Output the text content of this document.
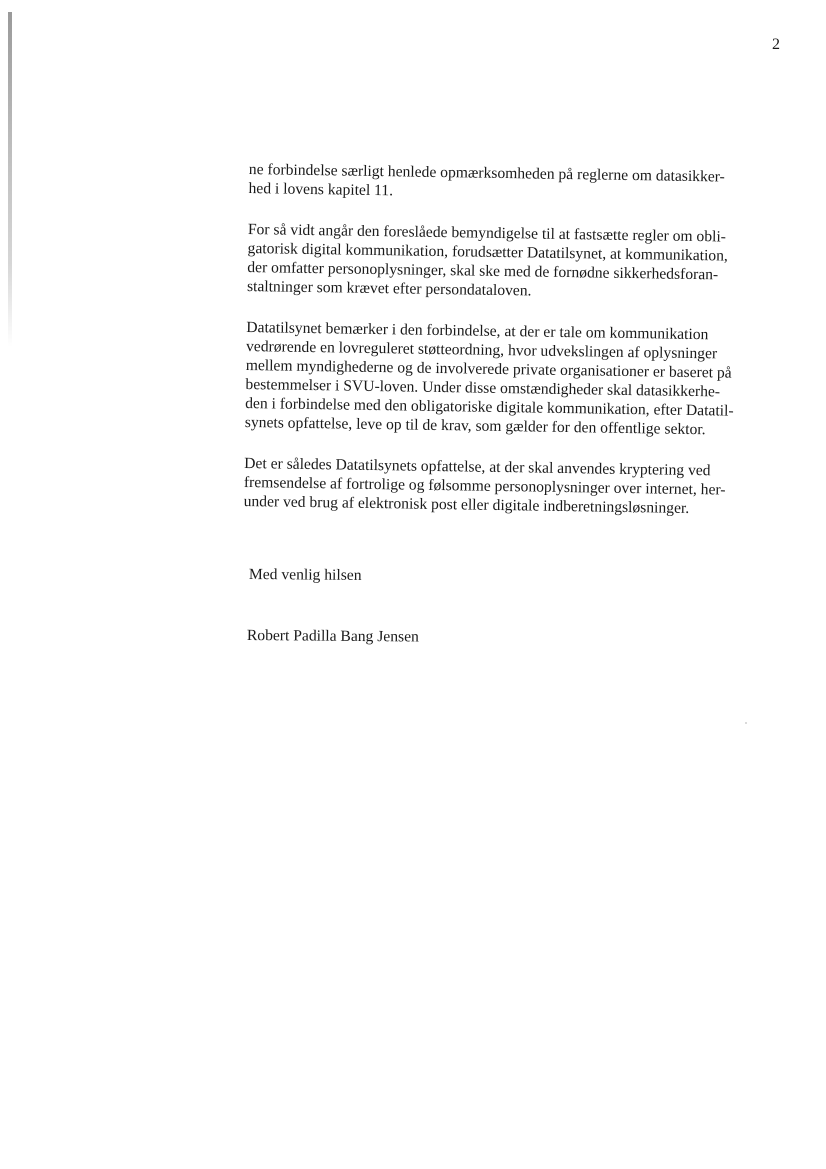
2

ne forbindelse særligt henlede opmærksomheden på reglerne om datasikker-
hed i lovens kapitel 11.

For så vidt angår den foreslåede bemyndigelse til at fastsætte regler om obli-
gatorisk digital kommunikation, forudsætter Datatilsynet, at kommunikation,
der omfatter personoplysninger, skal ske med de fornødne sikkerhedsforan-
staltninger som krævet efter persondataloven.

Datatilsynet bemærker i den forbindelse, at der er tale om kommunikation
vedrørende en lovreguleret støtteordning, hvor udvekslingen af oplysninger
mellem myndighederne og de involverede private organisationer er baseret på
bestemmelser i SVU-loven. Under disse omstændigheder skal datasikkerhe-
den i forbindelse med den obligatoriske digitale kommunikation, efter Datatil-
synets opfattelse, leve op til de krav, som gælder for den offentlige sektor.

Det er således Datatilsynets opfattelse, at der skal anvendes kryptering ved
fremsendelse af fortrolige og følsomme personoplysninger over internet, her-
under ved brug af elektronisk post eller digitale indberetningsløsninger.

Med venlig hilsen
Robert Padilla Bang Jensen
